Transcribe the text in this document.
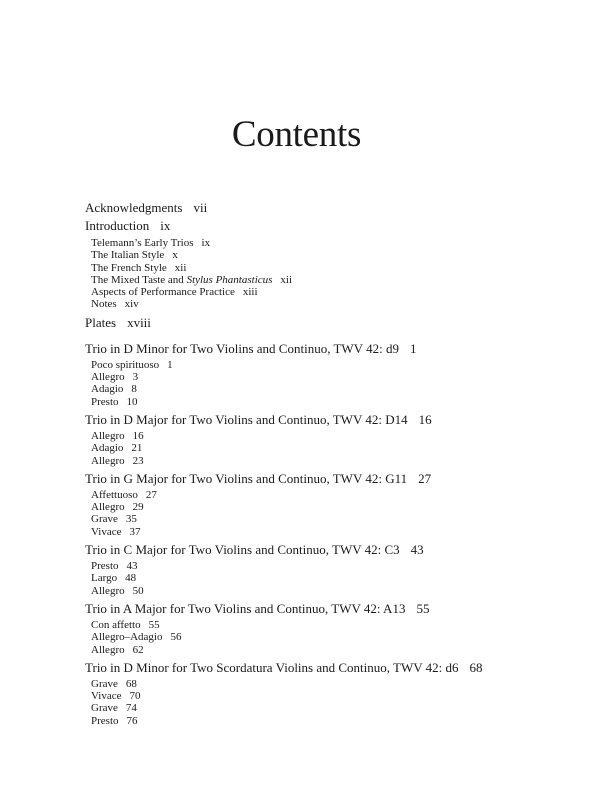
Contents
Acknowledgments vii
Introduction ix
Telemann’s Early Trios ix
The Italian Style x
The French Style xii
The Mixed Taste and Stylus Phantasticus xii
Aspects of Performance Practice xiii
Notes xiv
Plates xviii
Trio in D Minor for Two Violins and Continuo, TWV 42: d9 1
Poco spirituoso 1
Allegro 3
Adagio 8
Presto 10
Trio in D Major for Two Violins and Continuo, TWV 42: D14 16
Allegro 16
Adagio 21
Allegro 23
Trio in G Major for Two Violins and Continuo, TWV 42: G11 27
Affettuoso 27
Allegro 29
Grave 35
Vivace 37
Trio in C Major for Two Violins and Continuo, TWV 42: C3 43
Presto 43
Largo 48
Allegro 50
Trio in A Major for Two Violins and Continuo, TWV 42: A13 55
Con affetto 55
Allegro–Adagio 56
Allegro 62
Trio in D Minor for Two Scordatura Violins and Continuo, TWV 42: d6 68
Grave 68
Vivace 70
Grave 74
Presto 76
